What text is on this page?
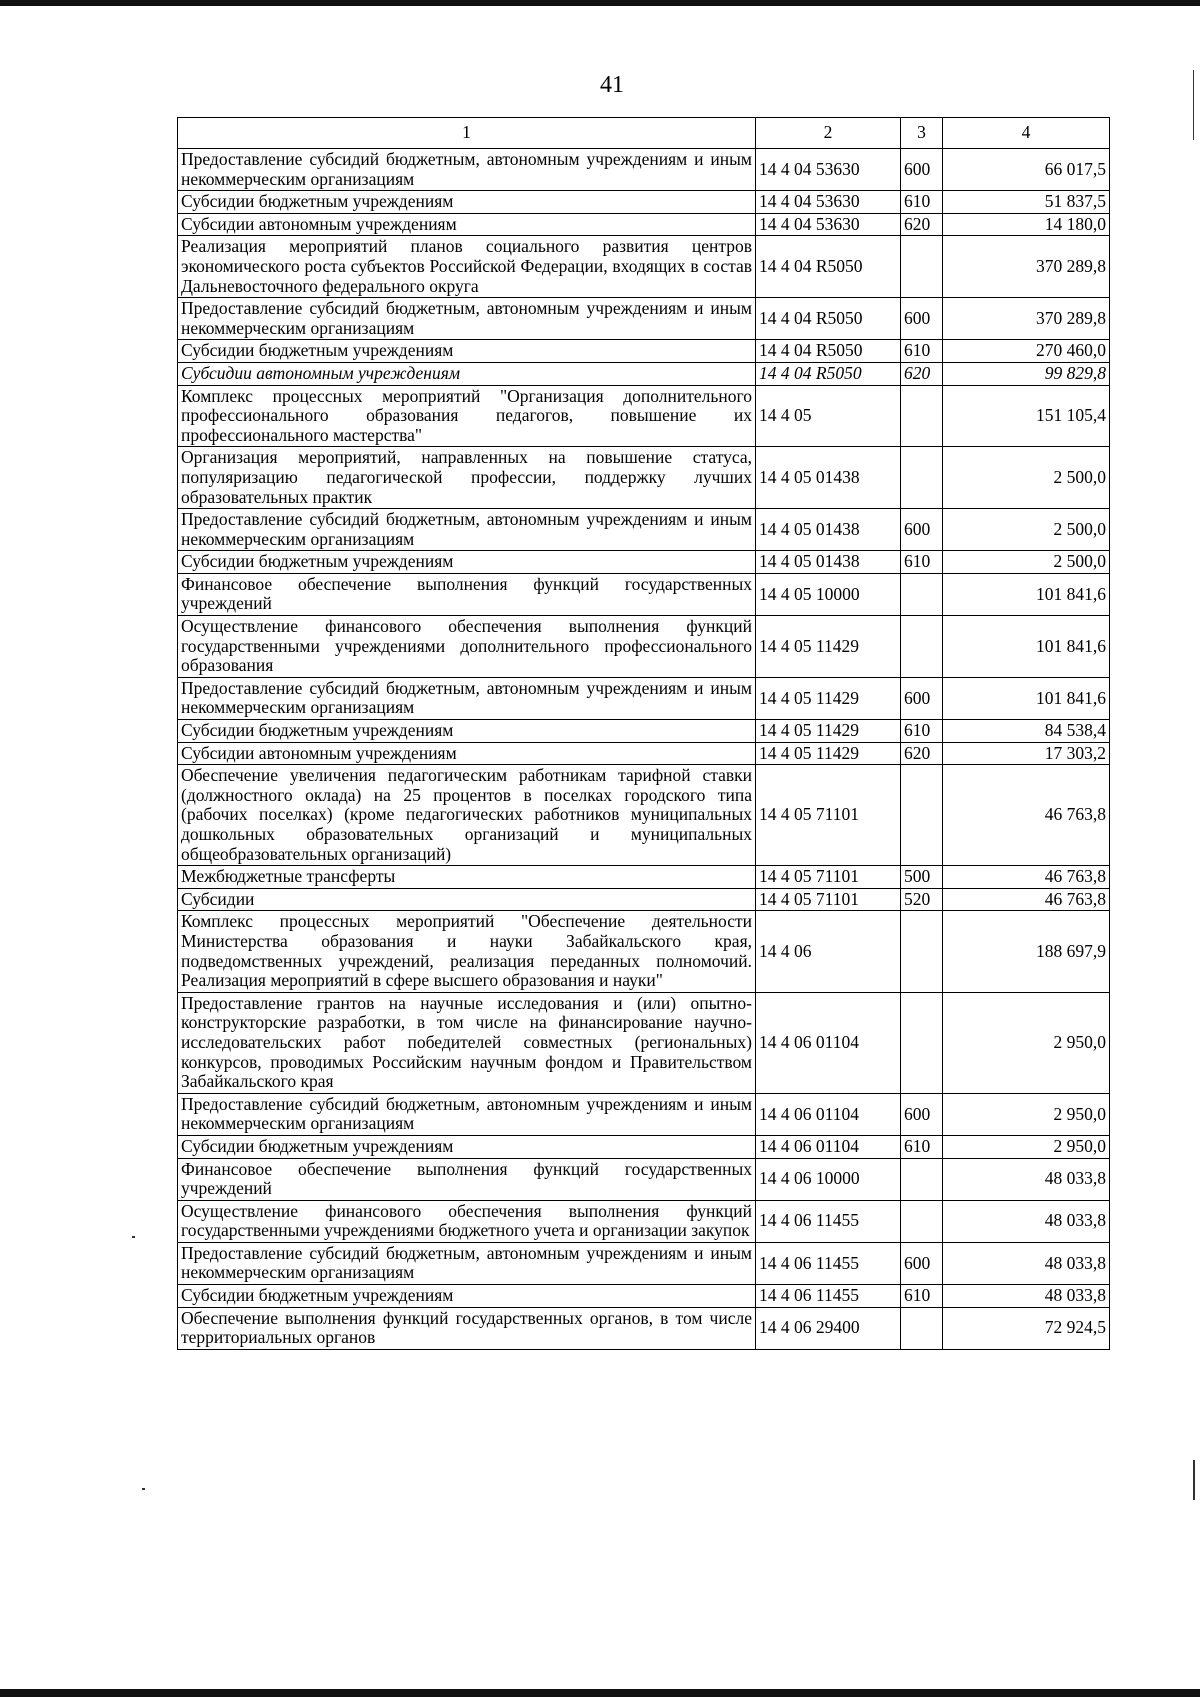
41
1	2	3	4
Предоставление субсидий бюджетным, автономным учреждениям и иным некоммерческим организациям	14 4 04 53630	600	66 017,5
Субсидии бюджетным учреждениям	14 4 04 53630	610	51 837,5
Субсидии автономным учреждениям	14 4 04 53630	620	14 180,0
Реализация мероприятий планов социального развития центров экономического роста субъектов Российской Федерации, входящих в состав Дальневосточного федерального округа	14 4 04 R5050		370 289,8
Предоставление субсидий бюджетным, автономным учреждениям и иным некоммерческим организациям	14 4 04 R5050	600	370 289,8
Субсидии бюджетным учреждениям	14 4 04 R5050	610	270 460,0
Субсидии автономным учреждениям	14 4 04 R5050	620	99 829,8
Комплекс процессных мероприятий "Организация дополнительного профессионального образования педагогов, повышение их профессионального мастерства"	14 4 05		151 105,4
Организация мероприятий, направленных на повышение статуса, популяризацию педагогической профессии, поддержку лучших образовательных практик	14 4 05 01438		2 500,0
Предоставление субсидий бюджетным, автономным учреждениям и иным некоммерческим организациям	14 4 05 01438	600	2 500,0
Субсидии бюджетным учреждениям	14 4 05 01438	610	2 500,0
Финансовое обеспечение выполнения функций государственных учреждений	14 4 05 10000		101 841,6
Осуществление финансового обеспечения выполнения функций государственными учреждениями дополнительного профессионального образования	14 4 05 11429		101 841,6
Предоставление субсидий бюджетным, автономным учреждениям и иным некоммерческим организациям	14 4 05 11429	600	101 841,6
Субсидии бюджетным учреждениям	14 4 05 11429	610	84 538,4
Субсидии автономным учреждениям	14 4 05 11429	620	17 303,2
Обеспечение увеличения педагогическим работникам тарифной ставки (должностного оклада) на 25 процентов в поселках городского типа (рабочих поселках) (кроме педагогических работников муниципальных дошкольных образовательных организаций и муниципальных общеобразовательных организаций)	14 4 05 71101		46 763,8
Межбюджетные трансферты	14 4 05 71101	500	46 763,8
Субсидии	14 4 05 71101	520	46 763,8
Комплекс процессных мероприятий "Обеспечение деятельности Министерства образования и науки Забайкальского края, подведомственных учреждений, реализация переданных полномочий. Реализация мероприятий в сфере высшего образования и науки"	14 4 06		188 697,9
Предоставление грантов на научные исследования и (или) опытно-конструкторские разработки, в том числе на финансирование научно-исследовательских работ победителей совместных (региональных) конкурсов, проводимых Российским научным фондом и Правительством Забайкальского края	14 4 06 01104		2 950,0
Предоставление субсидий бюджетным, автономным учреждениям и иным некоммерческим организациям	14 4 06 01104	600	2 950,0
Субсидии бюджетным учреждениям	14 4 06 01104	610	2 950,0
Финансовое обеспечение выполнения функций государственных учреждений	14 4 06 10000		48 033,8
Осуществление финансового обеспечения выполнения функций государственными учреждениями бюджетного учета и организации закупок	14 4 06 11455		48 033,8
Предоставление субсидий бюджетным, автономным учреждениям и иным некоммерческим организациям	14 4 06 11455	600	48 033,8
Субсидии бюджетным учреждениям	14 4 06 11455	610	48 033,8
Обеспечение выполнения функций государственных органов, в том числе территориальных органов	14 4 06 29400		72 924,5
